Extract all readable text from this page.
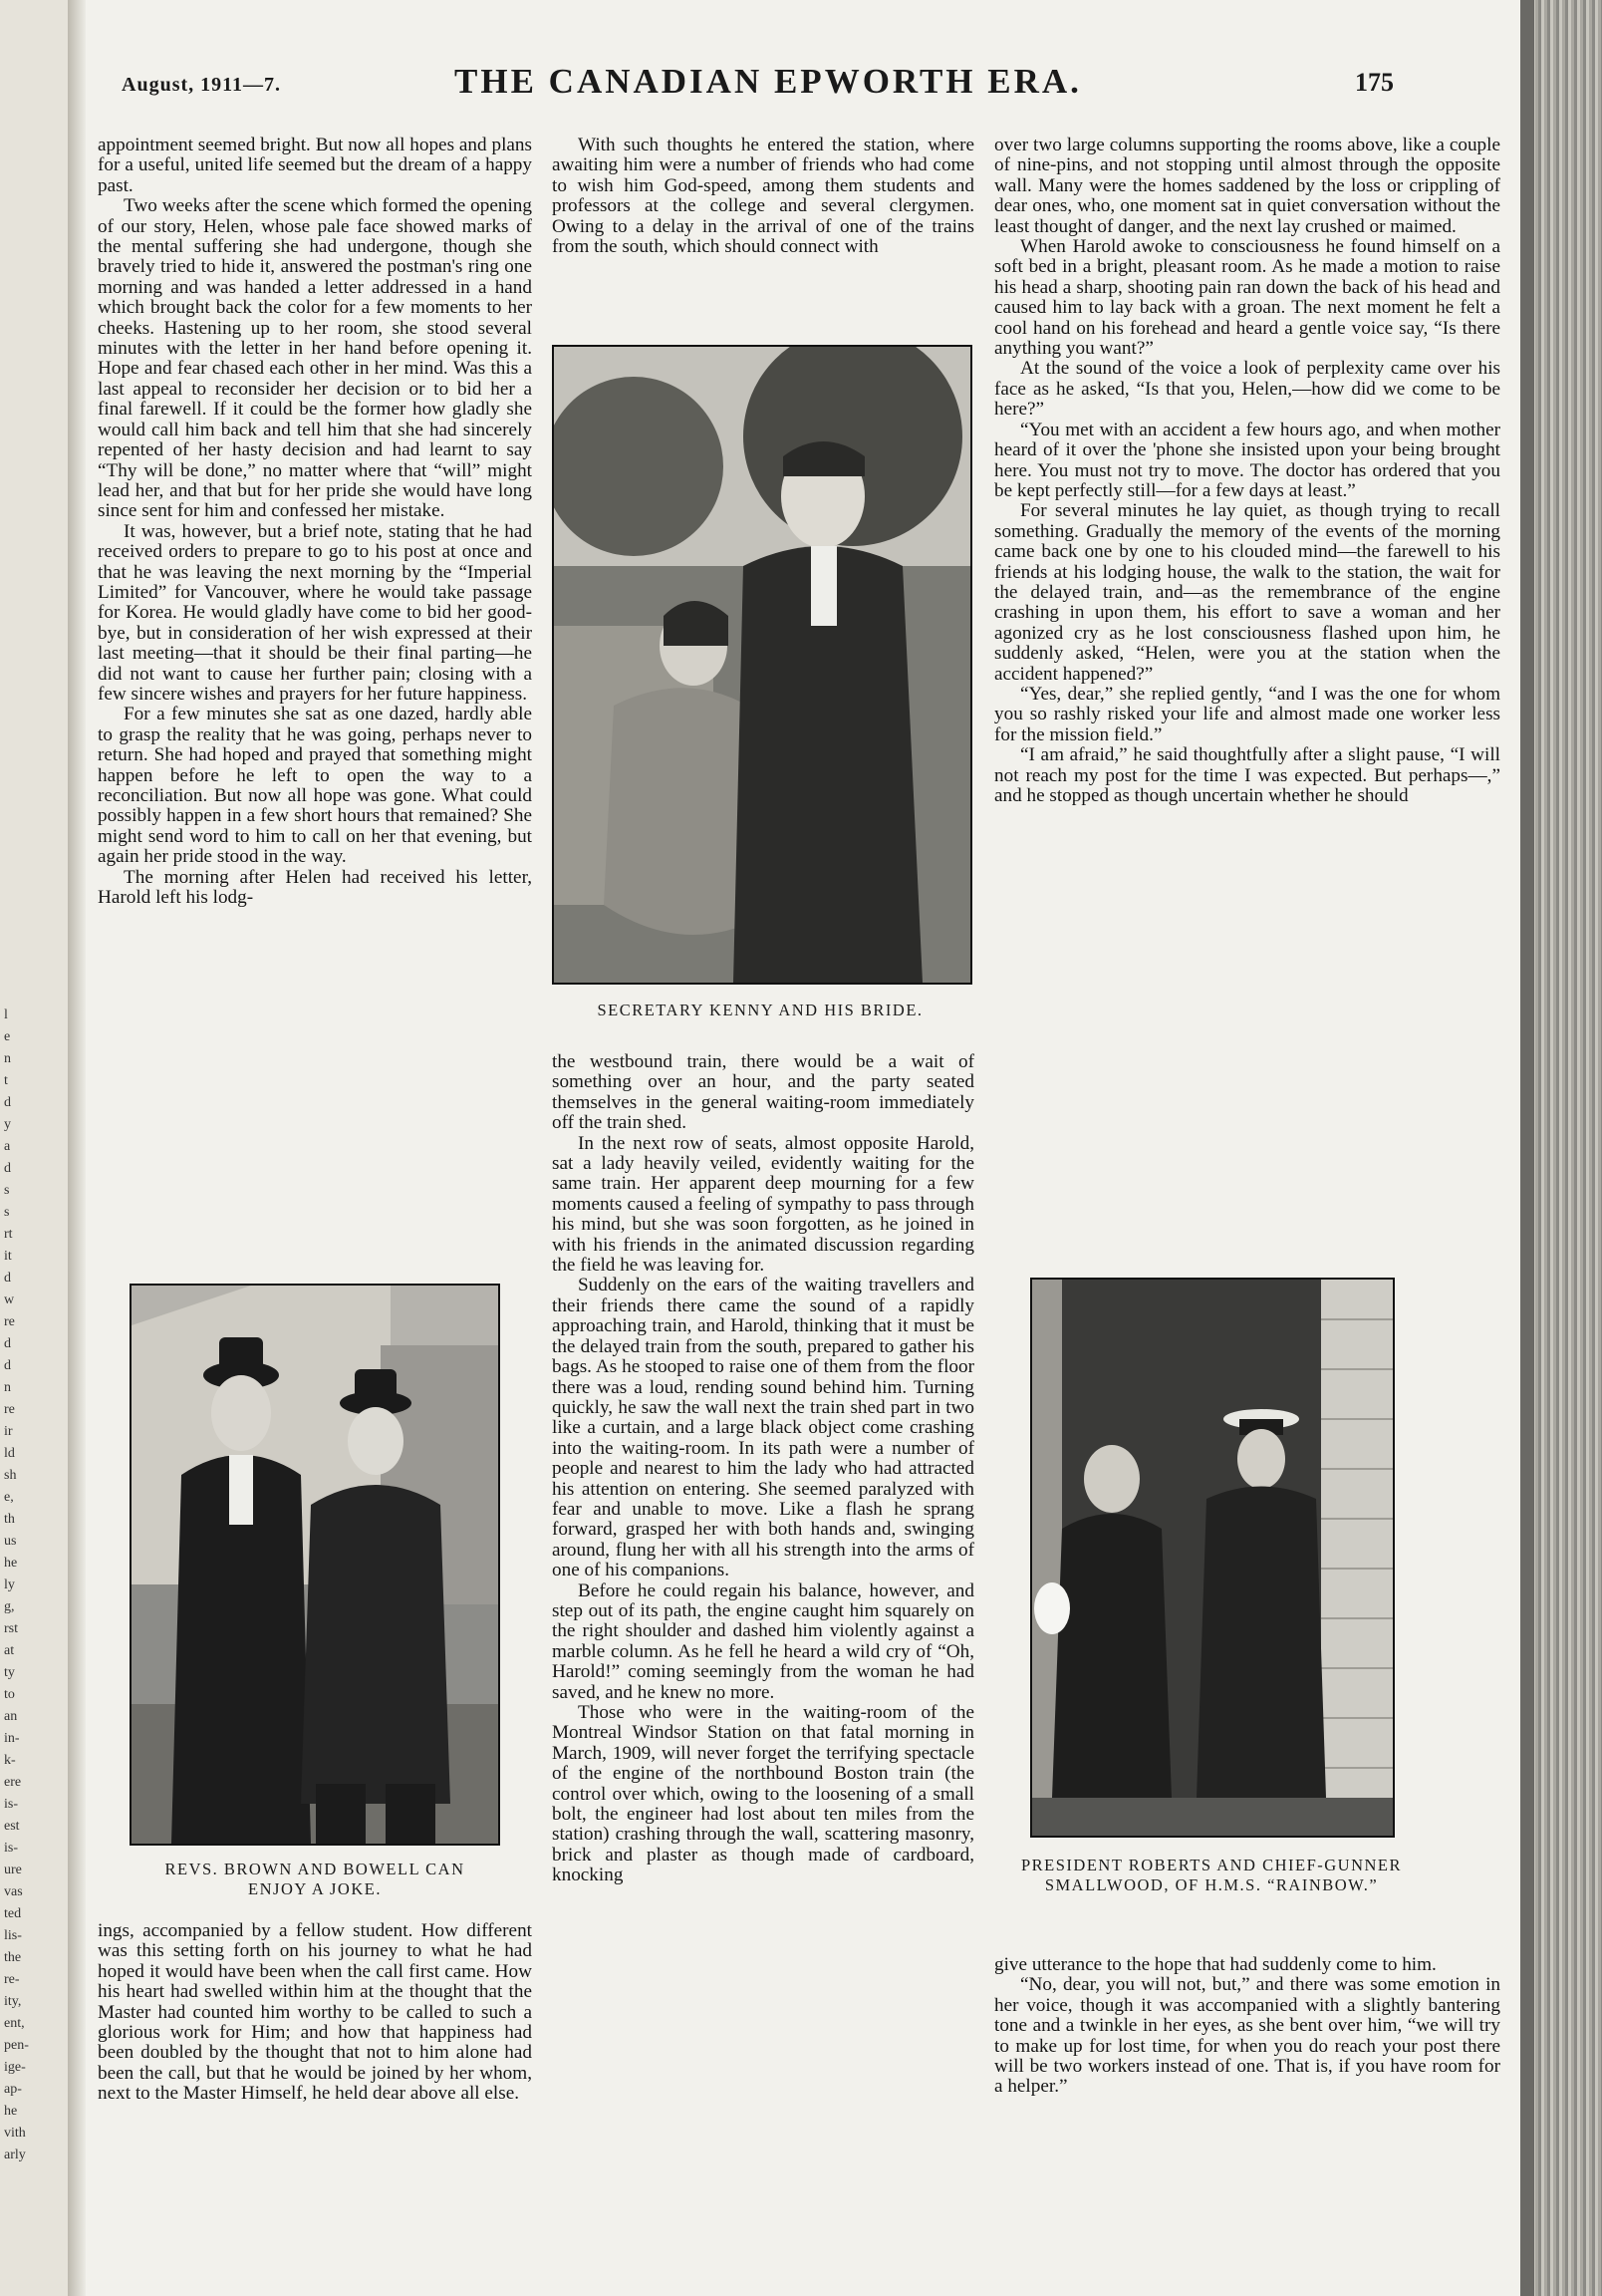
l
e
n
t
d
y
a
d
s
s
rt
it
d
w
re
d
d
n
re
ir
ld
sh
e,
th
us
he
ly
g,
rst
at
ty
to
an
in-
k-
ere
is-
est
is-
ure
vas
ted
lis-
the
re-
ity,
ent,
pen-
ige-
ap-
he
vith
arly
August, 1911—7.	THE CANADIAN EPWORTH ERA.	175

appointment seemed bright. But now all hopes and plans for a useful, united life seemed but the dream of a happy past.

Two weeks after the scene which formed the opening of our story, Helen, whose pale face showed marks of the mental suffering she had undergone, though she bravely tried to hide it, answered the postman's ring one morning and was handed a letter addressed in a hand which brought back the color for a few moments to her cheeks. Hastening up to her room, she stood several minutes with the letter in her hand before opening it. Hope and fear chased each other in her mind. Was this a last appeal to reconsider her decision or to bid her a final farewell. If it could be the former how gladly she would call him back and tell him that she had sincerely repented of her hasty decision and had learnt to say “Thy will be done,” no matter where that “will” might lead her, and that but for her pride she would have long since sent for him and confessed her mistake.

It was, however, but a brief note, stating that he had received orders to prepare to go to his post at once and that he was leaving the next morning by the “Imperial Limited” for Vancouver, where he would take passage for Korea. He would gladly have come to bid her good-bye, but in consideration of her wish expressed at their last meeting—that it should be their final parting—he did not want to cause her further pain; closing with a few sincere wishes and prayers for her future happiness.

For a few minutes she sat as one dazed, hardly able to grasp the reality that he was going, perhaps never to return. She had hoped and prayed that something might happen before he left to open the way to a reconciliation. But now all hope was gone. What could possibly happen in a few short hours that remained? She might send word to him to call on her that evening, but again her pride stood in the way.

The morning after Helen had received his letter, Harold left his lodg-

REVS. BROWN AND BOWELL CAN ENJOY A JOKE.

ings, accompanied by a fellow student. How different was this setting forth on his journey to what he had hoped it would have been when the call first came. How his heart had swelled within him at the thought that the Master had counted him worthy to be called to such a glorious work for Him; and how that happiness had been doubled by the thought that not to him alone had been the call, but that he would be joined by her whom, next to the Master Himself, he held dear above all else.

With such thoughts he entered the station, where awaiting him were a number of friends who had come to wish him God-speed, among them students and professors at the college and several clergymen. Owing to a delay in the arrival of one of the trains from the south, which should connect with

SECRETARY KENNY AND HIS BRIDE.

the westbound train, there would be a wait of something over an hour, and the party seated themselves in the general waiting-room immediately off the train shed.

In the next row of seats, almost opposite Harold, sat a lady heavily veiled, evidently waiting for the same train. Her apparent deep mourning for a few moments caused a feeling of sympathy to pass through his mind, but she was soon forgotten, as he joined in with his friends in the animated discussion regarding the field he was leaving for.

Suddenly on the ears of the waiting travellers and their friends there came the sound of a rapidly approaching train, and Harold, thinking that it must be the delayed train from the south, prepared to gather his bags. As he stooped to raise one of them from the floor there was a loud, rending sound behind him. Turning quickly, he saw the wall next the train shed part in two like a curtain, and a large black object come crashing into the waiting-room. In its path were a number of people and nearest to him the lady who had attracted his attention on entering. She seemed paralyzed with fear and unable to move. Like a flash he sprang forward, grasped her with both hands and, swinging around, flung her with all his strength into the arms of one of his companions.

Before he could regain his balance, however, and step out of its path, the engine caught him squarely on the right shoulder and dashed him violently against a marble column. As he fell he heard a wild cry of “Oh, Harold!” coming seemingly from the woman he had saved, and he knew no more.

Those who were in the waiting-room of the Montreal Windsor Station on that fatal morning in March, 1909, will never forget the terrifying spectacle of the engine of the northbound Boston train (the control over which, owing to the loosening of a small bolt, the engineer had lost about ten miles from the station) crashing through the wall, scattering masonry, brick and plaster as though made of cardboard, knocking

over two large columns supporting the rooms above, like a couple of nine-pins, and not stopping until almost through the opposite wall. Many were the homes saddened by the loss or crippling of dear ones, who, one moment sat in quiet conversation without the least thought of danger, and the next lay crushed or maimed.

When Harold awoke to consciousness he found himself on a soft bed in a bright, pleasant room. As he made a motion to raise his head a sharp, shooting pain ran down the back of his head and caused him to lay back with a groan. The next moment he felt a cool hand on his forehead and heard a gentle voice say, “Is there anything you want?”

At the sound of the voice a look of perplexity came over his face as he asked, “Is that you, Helen,—how did we come to be here?”

“You met with an accident a few hours ago, and when mother heard of it over the 'phone she insisted upon your being brought here. You must not try to move. The doctor has ordered that you be kept perfectly still—for a few days at least.”

For several minutes he lay quiet, as though trying to recall something. Gradually the memory of the events of the morning came back one by one to his clouded mind—the farewell to his friends at his lodging house, the walk to the station, the wait for the delayed train, and—as the remembrance of the engine crashing in upon them, his effort to save a woman and her agonized cry as he lost consciousness flashed upon him, he suddenly asked, “Helen, were you at the station when the accident happened?”

“Yes, dear,” she replied gently, “and I was the one for whom you so rashly risked your life and almost made one worker less for the mission field.”

“I am afraid,” he said thoughtfully after a slight pause, “I will not reach my post for the time I was expected. But perhaps—,” and he stopped as though uncertain whether he should

PRESIDENT ROBERTS AND CHIEF-GUNNER SMALLWOOD, OF H.M.S. “RAINBOW.”

give utterance to the hope that had suddenly come to him.

“No, dear, you will not, but,” and there was some emotion in her voice, though it was accompanied with a slightly bantering tone and a twinkle in her eyes, as she bent over him, “we will try to make up for lost time, for when you do reach your post there will be two workers instead of one. That is, if you have room for a helper.”
